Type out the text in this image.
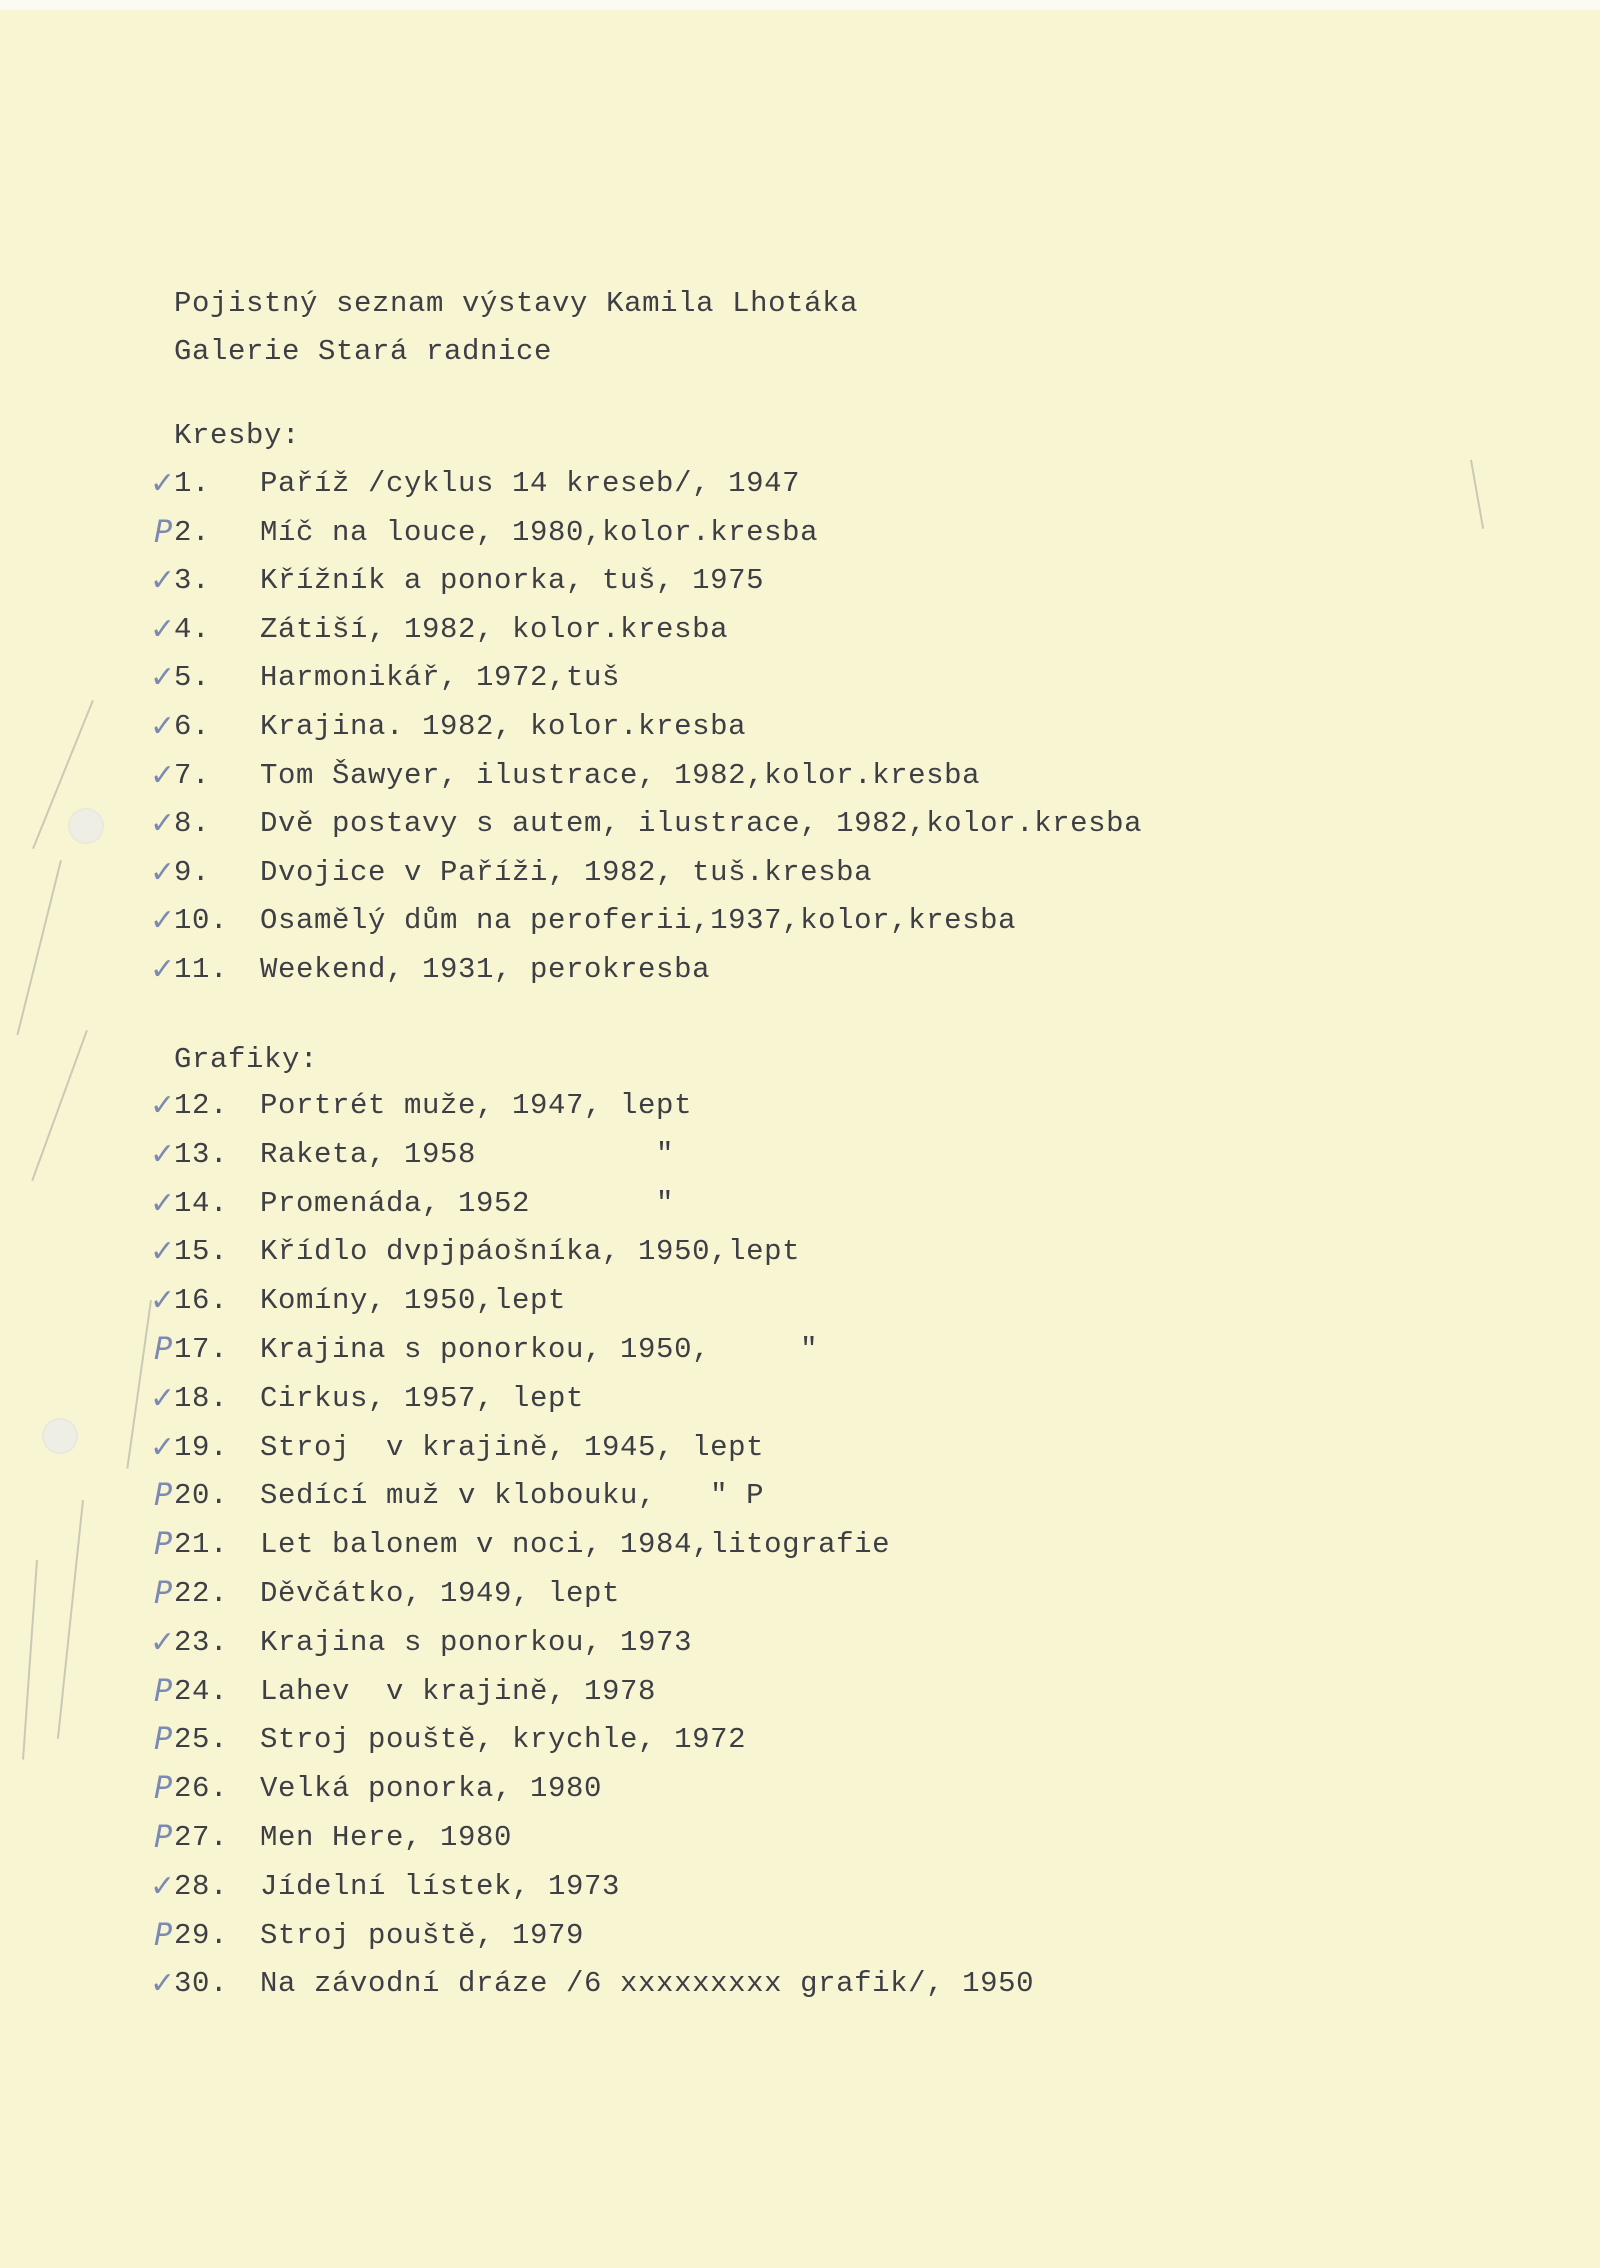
Pojistný seznam výstavy Kamila Lhotáka
Galerie Stará radnice
Kresby:
✓
1. Paříž /cyklus 14 kreseb/, 1947
P 2. Míč na louce, 1980,kolor.kresba
✓
3. Křížník a ponorka, tuš, 1975
✓
4. Zátiší, 1982, kolor.kresba
✓
5. Harmonikář, 1972,tuš
✓
6. Krajina. 1982, kolor.kresba
✓
7. Tom Šawyer, ilustrace, 1982,kolor.kresba
✓
8. Dvě postavy s autem, ilustrace, 1982,kolor.kresba
✓
9. Dvojice v Paříži, 1982, tuš.kresba
✓
10. Osamělý dům na peroferii,1937,kolor,kresba
✓
11. Weekend, 1931, perokresba
Grafiky:
✓
12. Portrét muže, 1947, lept
✓
13. Raketa, 1958          "
✓
14. Promenáda, 1952       "
✓
15. Křídlo dvpjpáošníka, 1950,lept
✓
16. Komíny, 1950,lept
P 17. Krajina s ponorkou, 1950,     "
✓
18. Cirkus, 1957, lept
✓
19. Stroj  v krajině, 1945, lept
P 20. Sedící muž v klobouku,   " P
P 21. Let balonem v noci, 1984,litografie
P 22. Děvčátko, 1949, lept
✓
23. Krajina s ponorkou, 1973
P 24. Lahev  v krajině, 1978
P 25. Stroj pouště, krychle, 1972
P 26. Velká ponorka, 1980
P 27. Men Here, 1980
✓
28. Jídelní lístek, 1973
P 29. Stroj pouště, 1979
✓
30. Na závodní dráze /6 xxxxxxxxx grafik/, 1950
